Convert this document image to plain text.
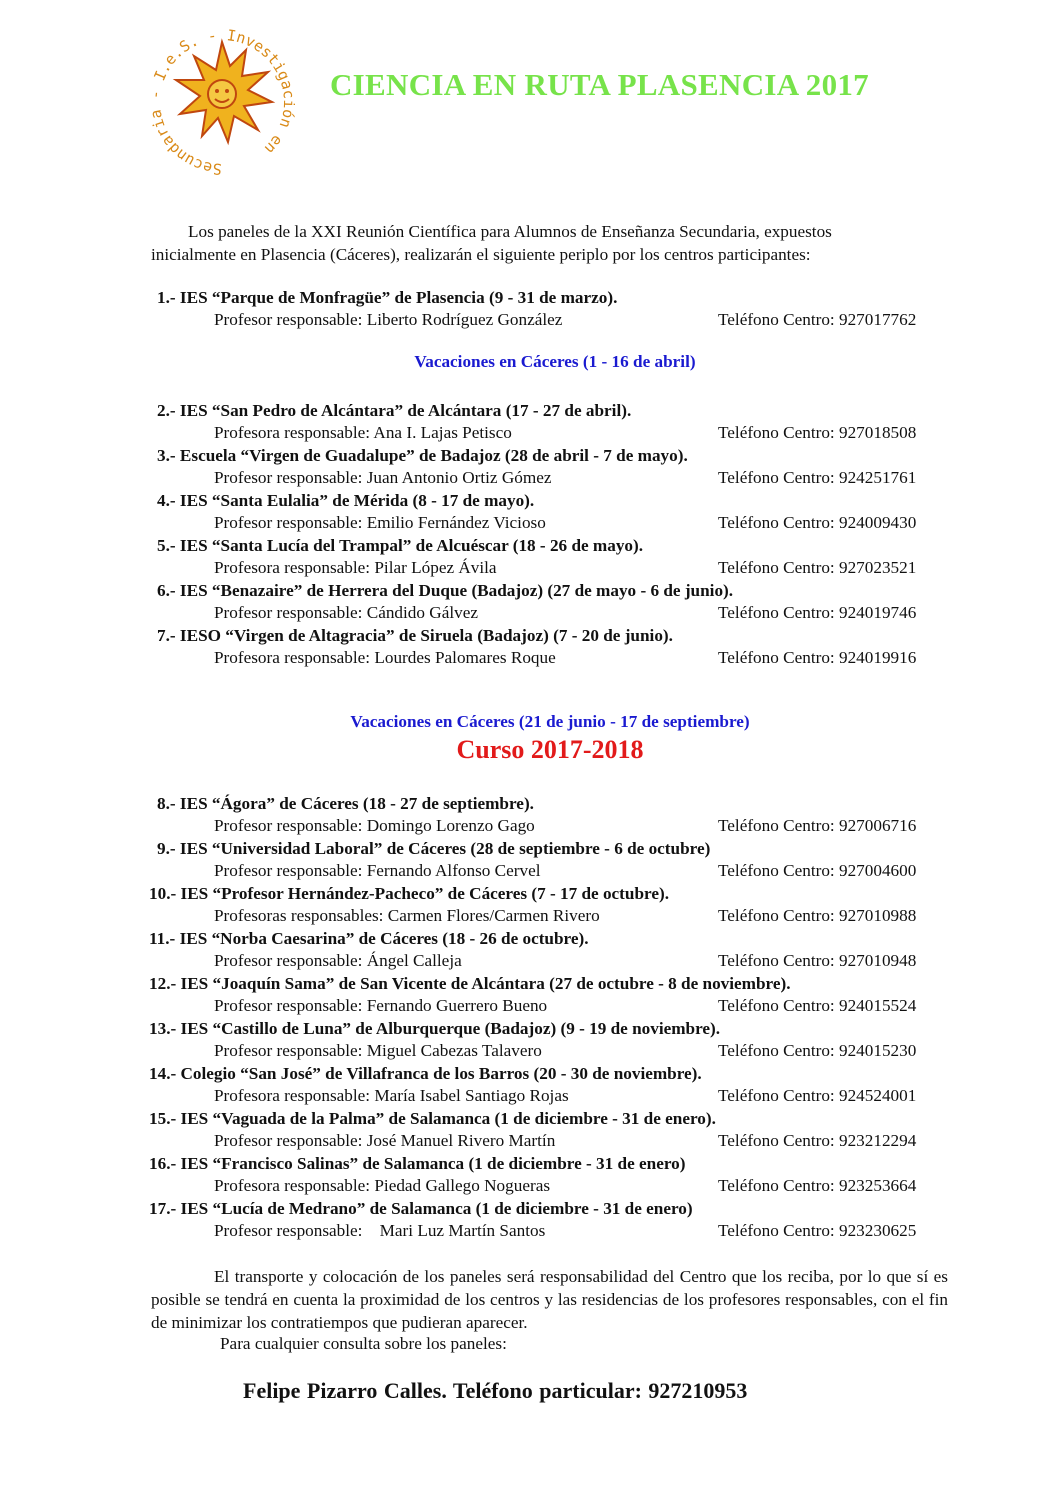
Secundari I.e.S. - Investiga n en
CIENCIA EN RUTA PLASENCIA 2017

Los paneles de la XXI Reunión Científica para Alumnos de Enseñanza Secundaria, expuestos
inicialmente en Plasencia (Cáceres), realizarán el siguiente periplo por los centros participantes:

Vacaciones en Cáceres (1 - 16 de abril)
Vacaciones en Cáceres (21 de junio - 17 de septiembre)
Curso 2017-2018
1.- IES “Parque de Monfragüe” de Plasencia (9 - 31 de marzo).
Profesor responsable: Liberto Rodríguez González	Teléfono Centro: 927017762
2.- IES “San Pedro de Alcántara” de Alcántara (17 - 27 de abril).
Profesora responsable: Ana I. Lajas Petisco	Teléfono Centro: 927018508
3.- Escuela “Virgen de Guadalupe” de Badajoz (28 de abril - 7 de mayo).
Profesor responsable: Juan Antonio Ortiz Gómez	Teléfono Centro: 924251761
4.- IES “Santa Eulalia” de Mérida (8 - 17 de mayo).
Profesor responsable: Emilio Fernández Vicioso	Teléfono Centro: 924009430
5.- IES “Santa Lucía del Trampal” de Alcuéscar (18 - 26 de mayo).
Profesora responsable: Pilar López Ávila	Teléfono Centro: 927023521
6.- IES “Benazaire” de Herrera del Duque (Badajoz) (27 de mayo - 6 de junio).
Profesor responsable: Cándido Gálvez	Teléfono Centro: 924019746
7.- IESO “Virgen de Altagracia” de Siruela (Badajoz) (7 - 20 de junio).
Profesora responsable: Lourdes Palomares Roque	Teléfono Centro: 924019916
8.- IES “Ágora” de Cáceres (18 - 27 de septiembre).
Profesor responsable: Domingo Lorenzo Gago	Teléfono Centro: 927006716
9.- IES “Universidad Laboral” de Cáceres (28 de septiembre - 6 de octubre)
Profesor responsable: Fernando Alfonso Cervel	Teléfono Centro: 927004600
10.- IES “Profesor Hernández-Pacheco” de Cáceres (7 - 17 de octubre).
Profesoras responsables: Carmen Flores/Carmen Rivero	Teléfono Centro: 927010988
11.- IES “Norba Caesarina” de Cáceres (18 - 26 de octubre).
Profesor responsable: Ángel Calleja	Teléfono Centro: 927010948
12.- IES “Joaquín Sama” de San Vicente de Alcántara (27 de octubre - 8 de noviembre).
Profesor responsable: Fernando Guerrero Bueno	Teléfono Centro: 924015524
13.- IES “Castillo de Luna” de Alburquerque (Badajoz) (9 - 19 de noviembre).
Profesor responsable: Miguel Cabezas Talavero	Teléfono Centro: 924015230
14.- Colegio “San José” de Villafranca de los Barros (20 - 30 de noviembre).
Profesora responsable: María Isabel Santiago Rojas	Teléfono Centro: 924524001
15.- IES “Vaguada de la Palma” de Salamanca (1 de diciembre - 31 de enero).
Profesor responsable: José Manuel Rivero Martín	Teléfono Centro: 923212294
16.- IES “Francisco Salinas” de Salamanca (1 de diciembre - 31 de enero)
Profesora responsable: Piedad Gallego Nogueras	Teléfono Centro: 923253664
17.- IES “Lucía de Medrano” de Salamanca (1 de diciembre - 31 de enero)
Profesor responsable:    Mari Luz Martín Santos	Teléfono Centro: 923230625

El transporte y colocación de los paneles será responsabilidad del Centro que los reciba, por lo que sí es posible se tendrá en cuenta la proximidad de los centros y las residencias de los profesores responsables, con el fin de minimizar los contratiempos que pudieran aparecer.

Para cualquier consulta sobre los paneles:
Felipe Pizarro Calles. Teléfono particular: 927210953
